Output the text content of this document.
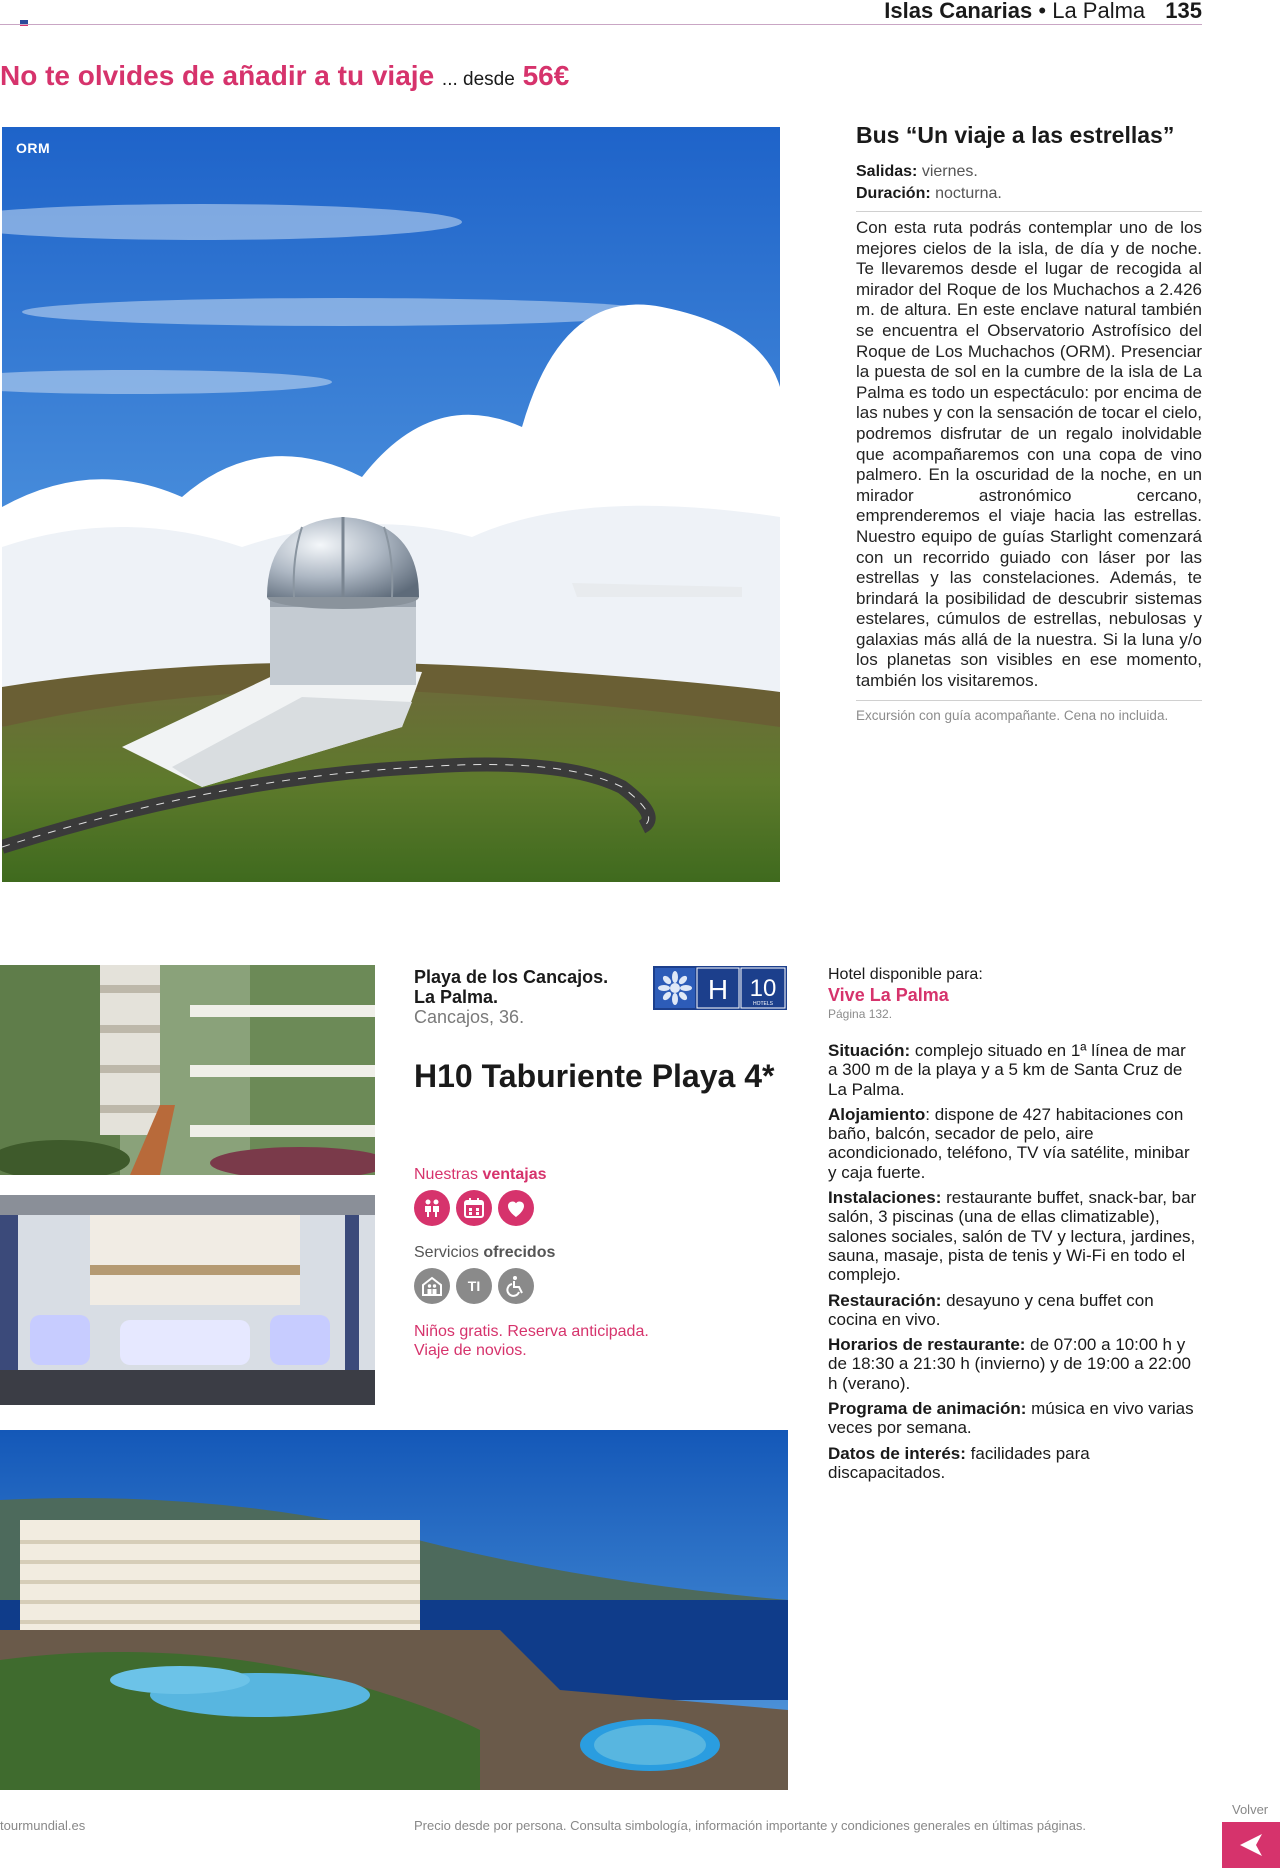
Islas Canarias • La Palma 135
No te olvides de añadir a tu viaje ... desde 56€
ORM	Bus “Un viaje a las estrellas”

Salidas: viernes.

Duración: nocturna.

Con esta ruta podrás contemplar uno de los mejores cielos de la isla, de día y de noche. Te llevaremos desde el lugar de recogida al mirador del Roque de los Muchachos a 2.426 m. de altura. En este enclave natural también se encuentra el Observatorio Astrofísico del Roque de Los Muchachos (ORM). Presenciar la puesta de sol en la cumbre de la isla de La Palma es todo un espectáculo: por encima de las nubes y con la sensación de tocar el cielo, podremos disfrutar de un regalo inolvidable que acompañaremos con una copa de vino palmero. En la oscuridad de la noche, en un mirador astronómico cercano, emprenderemos el viaje hacia las estrellas. Nuestro equipo de guías Starlight comenzará con un recorrido guiado con láser por las estrellas y las constelaciones. Además, te brindará la posibilidad de descubrir sistemas estelares, cúmulos de estrellas, nebulosas y galaxias más allá de la nuestra. Si la luna y/o los planetas son visibles en ese momento, también los visitaremos.

Excursión con guía acompañante. Cena no incluida.

Playa de los Cancajos.
La Palma.
Cancajos, 36.
H 10
HOTELS
H10 Taburiente Playa 4*
Nuestras ventajas
Servicios ofrecidos
TI
Niños gratis. Reserva anticipada.
Viaje de novios.
Hotel disponible para:
Vive La Palma
Página 132.

Situación: complejo situado en 1ª línea de mar a 300 m de la playa y a 5 km de Santa Cruz de La Palma.

Alojamiento: dispone de 427 habitaciones con baño, balcón, secador de pelo, aire acondicionado, teléfono, TV vía satélite, minibar y caja fuerte.

Instalaciones: restaurante buffet, snack-bar, bar salón, 3 piscinas (una de ellas climatizable), salones sociales, salón de TV y lectura, jardines, sauna, masaje, pista de tenis y Wi-Fi en todo el complejo.

Restauración: desayuno y cena buffet con cocina en vivo.

Horarios de restaurante: de 07:00 a 10:00 h y de 18:30 a 21:30 h (invierno) y de 19:00 a 22:00 h (verano).

Programa de animación: música en vivo varias veces por semana.

Datos de interés: facilidades para discapacitados.

tourmundial.es	Precio desde por persona. Consulta simbología, información importante y condiciones generales en últimas páginas.
Volver
